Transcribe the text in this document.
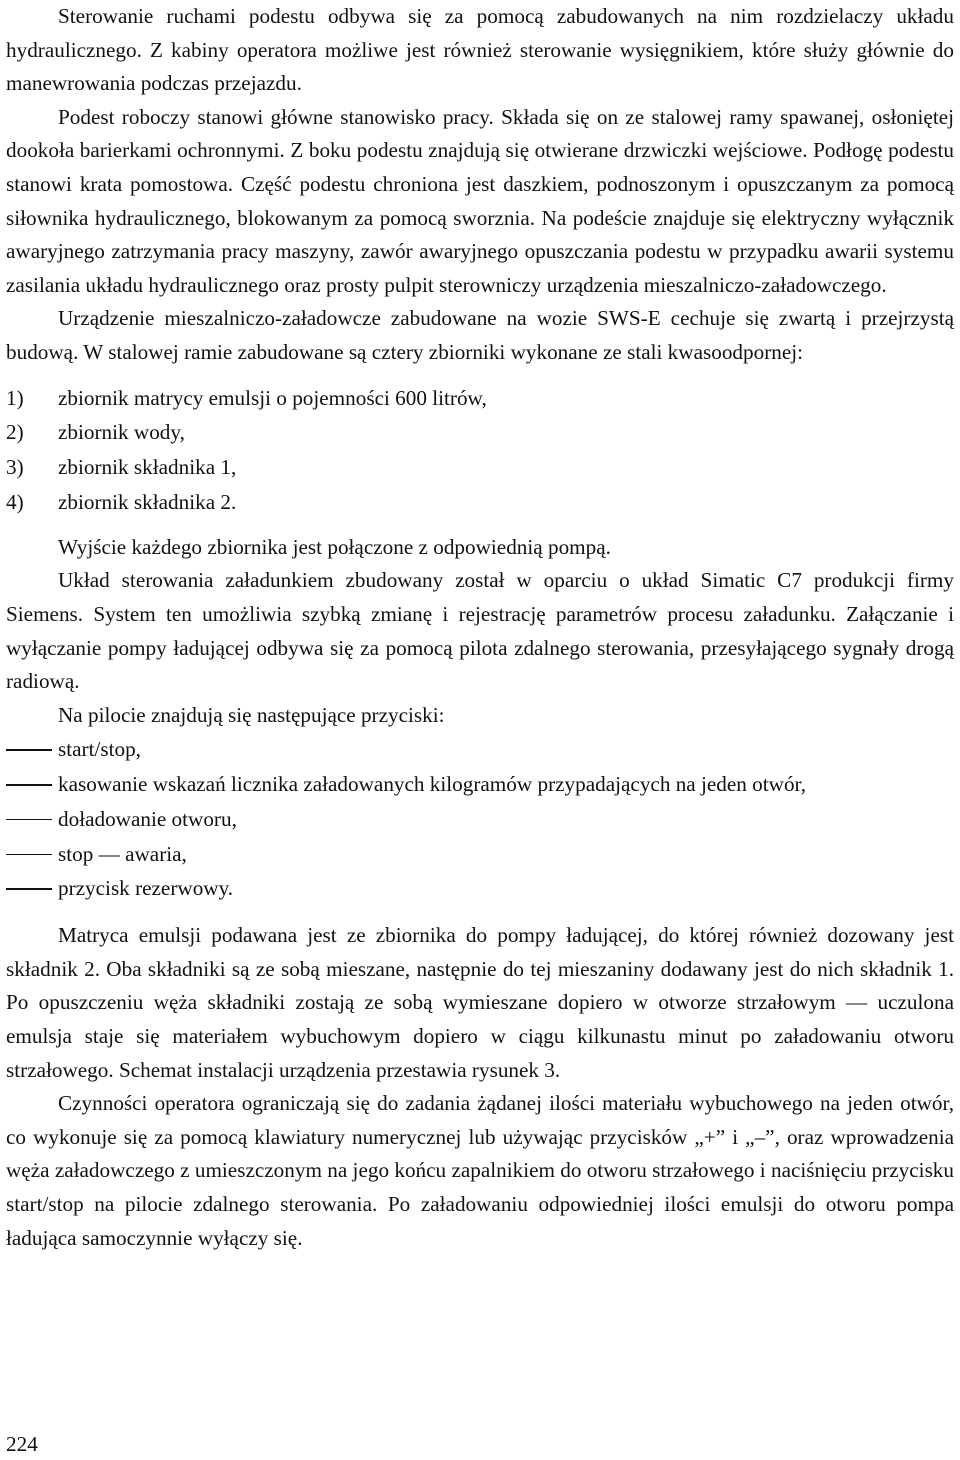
Sterowanie ruchami podestu odbywa się za pomocą zabudowanych na nim rozdzielaczy układu hydraulicznego. Z kabiny operatora możliwe jest również sterowanie wysięgnikiem, które służy głównie do manewrowania podczas przejazdu.

Podest roboczy stanowi główne stanowisko pracy. Składa się on ze stalowej ramy spawanej, osłoniętej dookoła barierkami ochronnymi. Z boku podestu znajdują się otwierane drzwiczki wejściowe. Podłogę podestu stanowi krata pomostowa. Część podestu chroniona jest daszkiem, podnoszonym i opuszczanym za pomocą siłownika hydraulicznego, blokowanym za pomocą sworznia. Na podeście znajduje się elektryczny wyłącznik awaryjnego zatrzymania pracy maszyny, zawór awaryjnego opuszczania podestu w przypadku awarii systemu zasilania układu hydraulicznego oraz prosty pulpit sterowniczy urządzenia mieszalniczo-załadowczego.

Urządzenie mieszalniczo-załadowcze zabudowane na wozie SWS-E cechuje się zwartą i przejrzystą budową. W stalowej ramie zabudowane są cztery zbiorniki wykonane ze stali kwasoodpornej:

1) zbiornik matrycy emulsji o pojemności 600 litrów,
2) zbiornik wody,
3) zbiornik składnika 1,
4) zbiornik składnika 2.

Wyjście każdego zbiornika jest połączone z odpowiednią pompą.

Układ sterowania załadunkiem zbudowany został w oparciu o układ Simatic C7 produkcji firmy Siemens. System ten umożliwia szybką zmianę i rejestrację parametrów procesu załadunku. Załączanie i wyłączanie pompy ładującej odbywa się za pomocą pilota zdalnego sterowania, przesyłającego sygnały drogą radiową.

Na pilocie znajdują się następujące przyciski:

start/stop,
kasowanie wskazań licznika załadowanych kilogramów przypadających na jeden otwór,
doładowanie otworu,
stop — awaria,
przycisk rezerwowy.

Matryca emulsji podawana jest ze zbiornika do pompy ładującej, do której również dozowany jest składnik 2. Oba składniki są ze sobą mieszane, następnie do tej mieszaniny dodawany jest do nich składnik 1. Po opuszczeniu węża składniki zostają ze sobą wymieszane dopiero w otworze strzałowym — uczulona emulsja staje się materiałem wybuchowym dopiero w ciągu kilkunastu minut po załadowaniu otworu strzałowego. Schemat instalacji urządzenia przestawia rysunek 3.

Czynności operatora ograniczają się do zadania żądanej ilości materiału wybuchowego na jeden otwór, co wykonuje się za pomocą klawiatury numerycznej lub używając przycisków „+” i „–”, oraz wprowadzenia węża załadowczego z umieszczonym na jego końcu zapalnikiem do otworu strzałowego i naciśnięciu przycisku start/stop na pilocie zdalnego sterowania. Po załadowaniu odpowiedniej ilości emulsji do otworu pompa ładująca samoczynnie wyłączy się.

224
